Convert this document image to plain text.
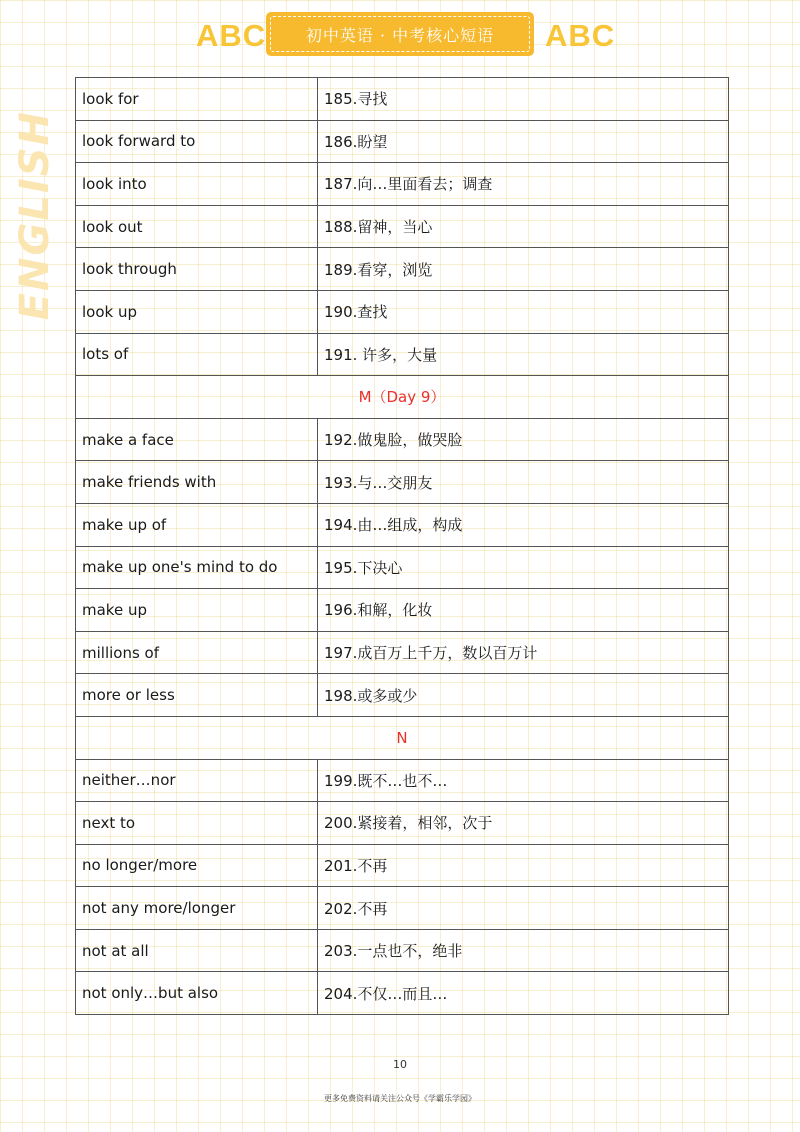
ABC	初中英语 · 中考核心短语	ABC
ENGLISH
look for	185.寻找
look forward to	186.盼望
look into	187.向…里面看去；调查
look out	188.留神，当心
look through	189.看穿，浏览
look up	190.查找
lots of	191. 许多，大量
M（Day 9）	
make a face	192.做鬼脸，做哭脸
make friends with	193.与…交朋友
make up of	194.由…组成，构成
make up one's mind to do	195.下决心
make up	196.和解，化妆
millions of	197.成百万上千万，数以百万计
more or less	198.或多或少
N	
neither…nor	199.既不…也不…
next to	200.紧接着，相邻，次于
no longer/more	201.不再
not any more/longer	202.不再
not at all	203.一点也不，绝非
not only…but also	204.不仅…而且…
10
更多免费资料请关注公众号《学霸乐学园》
